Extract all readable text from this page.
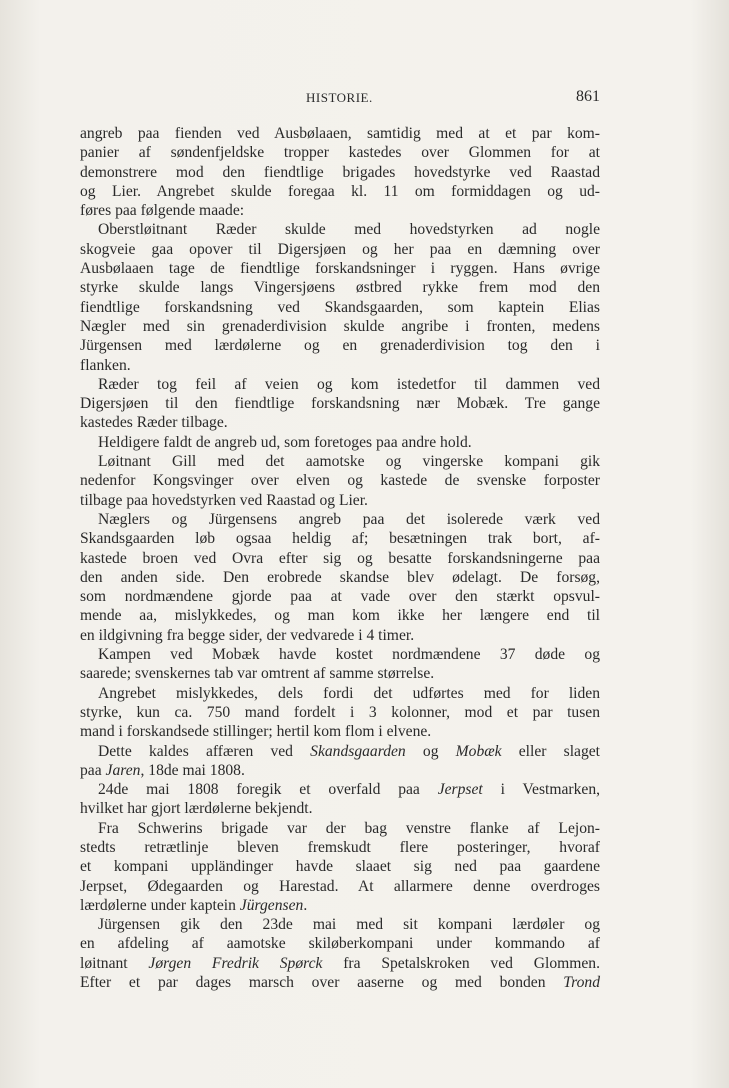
HISTORIE.	861

angreb paa fienden ved Ausbølaaen, samtidig med at et par kom-

panier af søndenfjeldske tropper kastedes over Glommen for at

demonstrere mod den fiendtlige brigades hovedstyrke ved Raastad

og Lier. Angrebet skulde foregaa kl. 11 om formiddagen og ud-

føres paa følgende maade:

Oberstløitnant Ræder skulde med hovedstyrken ad nogle

skogveie gaa opover til Digersjøen og her paa en dæmning over

Ausbølaaen tage de fiendtlige forskandsninger i ryggen. Hans øvrige

styrke skulde langs Vingersjøens østbred rykke frem mod den

fiendtlige forskandsning ved Skandsgaarden, som kaptein Elias

Nægler med sin grenaderdivision skulde angribe i fronten, medens

Jürgensen med lærdølerne og en grenaderdivision tog den i

flanken.

Ræder tog feil af veien og kom istedetfor til dammen ved

Digersjøen til den fiendtlige forskandsning nær Mobæk. Tre gange

kastedes Ræder tilbage.

Heldigere faldt de angreb ud, som foretoges paa andre hold.

Løitnant Gill med det aamotske og vingerske kompani gik

nedenfor Kongsvinger over elven og kastede de svenske forposter

tilbage paa hovedstyrken ved Raastad og Lier.

Næglers og Jürgensens angreb paa det isolerede værk ved

Skandsgaarden løb ogsaa heldig af; besætningen trak bort, af-

kastede broen ved Ovra efter sig og besatte forskandsningerne paa

den anden side. Den erobrede skandse blev ødelagt. De forsøg,

som nordmændene gjorde paa at vade over den stærkt opsvul-

mende aa, mislykkedes, og man kom ikke her længere end til

en ildgivning fra begge sider, der vedvarede i 4 timer.

Kampen ved Mobæk havde kostet nordmændene 37 døde og

saarede; svenskernes tab var omtrent af samme størrelse.

Angrebet mislykkedes, dels fordi det udførtes med for liden

styrke, kun ca. 750 mand fordelt i 3 kolonner, mod et par tusen

mand i forskandsede stillinger; hertil kom flom i elvene.

Dette kaldes affæren ved Skandsgaarden og Mobæk eller slaget

paa Jaren, 18de mai 1808.

24de mai 1808 foregik et overfald paa Jerpset i Vestmarken,

hvilket har gjort lærdølerne bekjendt.

Fra Schwerins brigade var der bag venstre flanke af Lejon-

stedts retrætlinje bleven fremskudt flere posteringer, hvoraf

et kompani uppländinger havde slaaet sig ned paa gaardene

Jerpset, Ødegaarden og Harestad. At allarmere denne overdroges

lærdølerne under kaptein Jürgensen.

Jürgensen gik den 23de mai med sit kompani lærdøler og

en afdeling af aamotske skiløberkompani under kommando af

løitnant Jørgen Fredrik Spørck fra Spetalskroken ved Glommen.

Efter et par dages marsch over aaserne og med bonden Trond
